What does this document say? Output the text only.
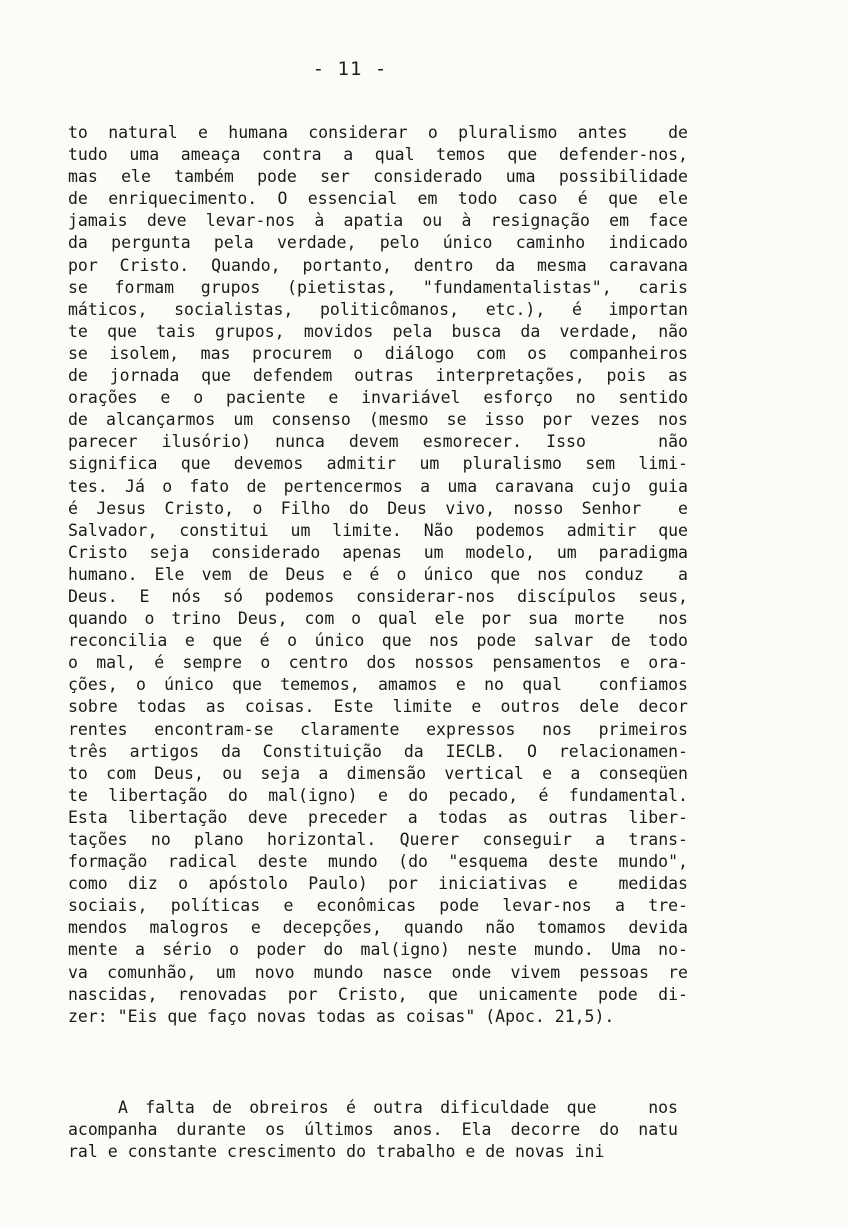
- 11 -
to natural e humana considerar o pluralismo antes  de
tudo uma ameaça contra a qual temos que defender-nos,
mas ele também pode ser considerado uma possibilidade
de enriquecimento. O essencial em todo caso é que ele
jamais deve levar-nos à apatia ou à resignação em face
da pergunta pela verdade, pelo único caminho indicado
por Cristo. Quando, portanto, dentro da mesma caravana
se formam grupos (pietistas, "fundamentalistas", caris
máticos, socialistas, politicômanos, etc.), é importan
te que tais grupos, movidos pela busca da verdade, não
se isolem, mas procurem o diálogo com os companheiros
de jornada que defendem outras interpretações, pois as
orações e o paciente e invariável esforço no sentido
de alcançarmos um consenso (mesmo se isso por vezes nos
parecer ilusório) nunca devem esmorecer. Isso   não
significa que devemos admitir um pluralismo sem limi-
tes. Já o fato de pertencermos a uma caravana cujo guia
é Jesus Cristo, o Filho do Deus vivo, nosso Senhor  e
Salvador, constitui um limite. Não podemos admitir que
Cristo seja considerado apenas um modelo, um paradigma
humano. Ele vem de Deus e é o único que nos conduz  a
Deus. E nós só podemos considerar-nos discípulos seus,
quando o trino Deus, com o qual ele por sua morte  nos
reconcilia e que é o único que nos pode salvar de todo
o mal, é sempre o centro dos nossos pensamentos e ora-
ções, o único que tememos, amamos e no qual  confiamos
sobre todas as coisas. Este limite e outros dele decor
rentes encontram-se claramente expressos nos primeiros
três artigos da Constituição da IECLB. O relacionamen-
to com Deus, ou seja a dimensão vertical e a conseqüen
te libertação do mal(igno) e do pecado, é fundamental.
Esta libertação deve preceder a todas as outras liber-
tações no plano horizontal. Querer conseguir a trans-
formação radical deste mundo (do "esquema deste mundo",
como diz o apóstolo Paulo) por iniciativas e  medidas
sociais, políticas e econômicas pode levar-nos a tre-
mendos malogros e decepções, quando não tomamos devida
mente a sério o poder do mal(igno) neste mundo. Uma no-
va comunhão, um novo mundo nasce onde vivem pessoas re
nascidas, renovadas por Cristo, que unicamente pode di-
zer: "Eis que faço novas todas as coisas" (Apoc. 21,5).
A falta de obreiros é outra dificuldade que   nos
acompanha durante os últimos anos. Ela decorre do natu
ral e constante crescimento do trabalho e de novas ini
